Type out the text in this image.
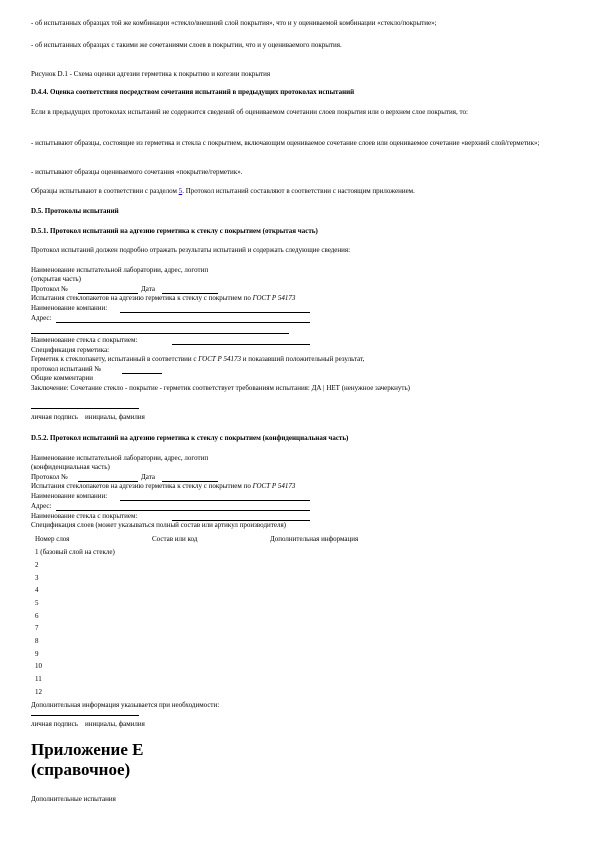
- об испытанных образцах той же комбинации «стекло/внешний слой покрытия», что и у оцениваемой комбинации «стекло/покрытие»;
- об испытанных образцах с такими же сочетаниями слоев в покрытии, что и у оцениваемого покрытия.
Рисунок D.1 - Схема оценки адгезии герметика к покрытию и когезии покрытия
D.4.4. Оценка соответствия посредством сочетания испытаний в предыдущих протоколах испытаний
Если в предыдущих протоколах испытаний не содержится сведений об оцениваемом сочетании слоев покрытия или о верхнем слое покрытия, то:
- испытывают образцы, состоящие из герметика и стекла с покрытием, включающим оцениваемое сочетание слоев или оцениваемое сочетание «верхний слой/герметик»;
- испытывают образцы оцениваемого сочетания «покрытие/герметик».
Образцы испытывают в соответствии с разделом 5. Протокол испытаний составляют в соответствии с настоящим приложением.
D.5. Протоколы испытаний
D.5.1. Протокол испытаний на адгезию герметика к стеклу с покрытием (открытая часть)
Протокол испытаний должен подробно отражать результаты испытаний и содержать следующие сведения:
Наименование испытательной лаборатории, адрес, логотип
(открытая часть)
Протокол №	Дата
Испытания стеклопакетов на адгезию герметика к стеклу с покрытием по ГОСТ Р 54173
Наименование компании:
Адрес:
Наименование стекла с покрытием:
Спецификация герметика:
Герметик к стеклопакету, испытанный в соответствии с ГОСТ Р 54173 и показавший положительный результат,
протокол испытаний №
Общие комментарии
Заключение: Сочетание стекло - покрытие - герметик соответствует требованиям испытания: ДА | НЕТ (ненужное зачеркнуть)
личная подпись инициалы, фамилия
D.5.2. Протокол испытаний на адгезию герметика к стеклу с покрытием (конфиденциальная часть)
Наименование испытательной лаборатории, адрес, логотип
(конфиденциальная часть)
Протокол №	Дата
Испытания стеклопакетов на адгезию герметика к стеклу с покрытием по ГОСТ Р 54173
Наименование компании:
Адрес:
Наименование стекла с покрытием:
Спецификация слоев (может указываться полный состав или артикул производителя)
Номер слоя	Состав или код	Дополнительная информация
1 (базовый слой на стекле)
2
3
4
5
6
7
8
9
10
11
12
Дополнительная информация указывается при необходимости:
личная подпись инициалы, фамилия
Приложение Е
(справочное)
Дополнительные испытания
